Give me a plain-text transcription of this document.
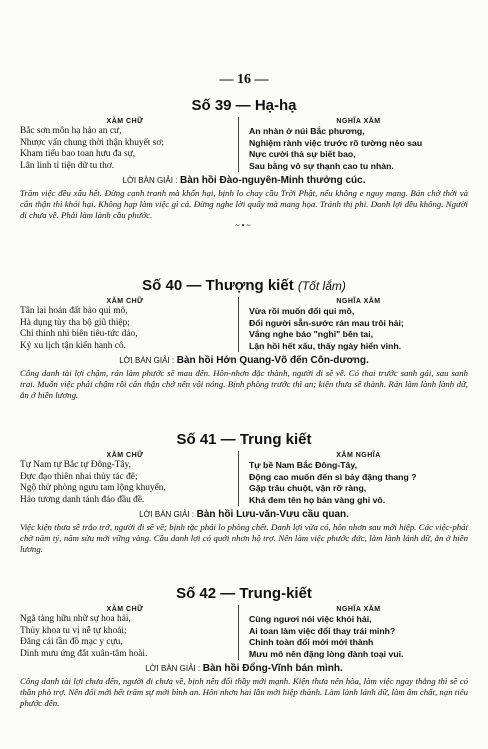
— 16 —
Số 39 — Hạ-hạ
XĂM CHỮ
Bắc sơn môn hạ hảo an cư,
Nhược vấn chung thời thận khuyết sơ;
Kham tiếu bao toan hưu đa sự,
Lân linh tỉ tiện dữ tu thơ.
NGHĨA XĂM
An nhàn ở núi Bắc phương,
Nghiệm rành việc trước rõ tường nẻo sau
Nực cười thả sự biết bao,
Sau bằng vô sự thạnh cao tu nhàn.
LỜI BÀN GIẢI : Bàn hồi Đào-nguyên-Minh thưởng cúc.
Trăm việc đều xấu hết. Đừng cạnh tranh mà khốn hại, bịnh lo chay cầu Trời Phật, nếu không e nguy mạng. Bán chờ thời và cẩn thận thì khỏi hại. Không hạp làm việc gì cả. Đừng nghe lời quấy mà mang họa. Tránh thị phi. Danh lợi đều không. Người đi chưa về. Phải làm lành cầu phước.
~•~
Số 40 — Thượng kiết (Tốt lắm)
XĂM CHỮ
Tân lai hoán đất bảo qui mô,
Hà dụng tùy tha bộ giũ thiệp;
Chỉ thính nhi biên tiêu-tức dảo,
Kỷ xu lịch tận kiến hanh cô.
NGHĨA XĂM
Vừa rồi muốn đổi qui mô,
Đổi người sẵn-sước rán mau trôi hải;
Vắng nghe báo "nghỉ" bên tai,
Lận hồi hết xấu, thấy ngày hiển vinh.
LỜI BÀN GIẢI : Bàn hồi Hớn Quang-Võ đến Côn-dương.
Công danh tài lợi chậm, rán làm phước sẽ mau đến. Hôn-nhơn đặc thành, người đi sẽ về. Có thai trước sanh gái, sau sanh trai. Muốn việc phải chậm rồi cẩn thận chớ nên vội nóng. Bịnh phòng trước thì an; kiện thưa sẽ thành. Rán làm lành lành dữ, ắn ở hiền lương.
Số 41 — Trung kiết
XĂM CHỮ
Tự Nam tự Bắc tự Đông-Tây,
Đực đạo thiên nhai thủy tác đê;
Ngộ thử phòng ngưu tam lộng khuyển,
Hảo tương danh tánh đáo đầu đề.
XĂM NGHĨA
Tự bề Nam Bắc Đông-Tây,
Động cao muốn đến sì bảy đặng thang ?
Gặp trâu chuột, vận rỡ ràng,
Khá đem tên họ bản vàng ghi vô.
LỜI BÀN GIẢI : Bàn hồi Lưu-văn-Vưu cầu quan.
Việc kiện thưa sẽ trắo trở, người đi sẽ về; bịnh tặc phải lo phòng chết. Danh lợi vừa có, hôn nhơn sau mới hiệp. Các việc-phải chờ năm tý, năm sửu mới vững vàng. Cầu danh lợi có quới nhơn hộ trợ. Nên làm việc phước đức, làm lành lánh dữ, ắn ở hiền lương.
Số 42 — Trung-kiết
XĂM CHỮ
Ngã tàng hữu nhữ sự hoa hải,
Thủy khoa tu vị nễ tự khoái;
Đăng cái tần đồ mạc y cựu,
Dinh mưu ứng đắt xuân-tâm hoài.
NGHĨA XĂM
Cùng ngươi nói việc khỏi hải,
Ai toan làm việc đổi thay trái minh?
Chỉnh toàn đổi mới mới thành
Mưu mô nên đặng lòng đành toại vui.
LỜI BÀN GIẢI : Bàn hồi Đổng-Vĩnh bán mình.
Công danh tài lợi chưa đến, người đi chưa về, bịnh nên đổi thầy mới mạnh. Kiện thưa nên hòa, làm việc ngay thẳng thì sẽ có thần phò trợ. Nên đổi mới hết trăm sự mới bình an. Hôn nhơn hai lần mới hiệp thành. Làm lành lánh dữ, làm âm chất, nạn tiêu phước đến.
